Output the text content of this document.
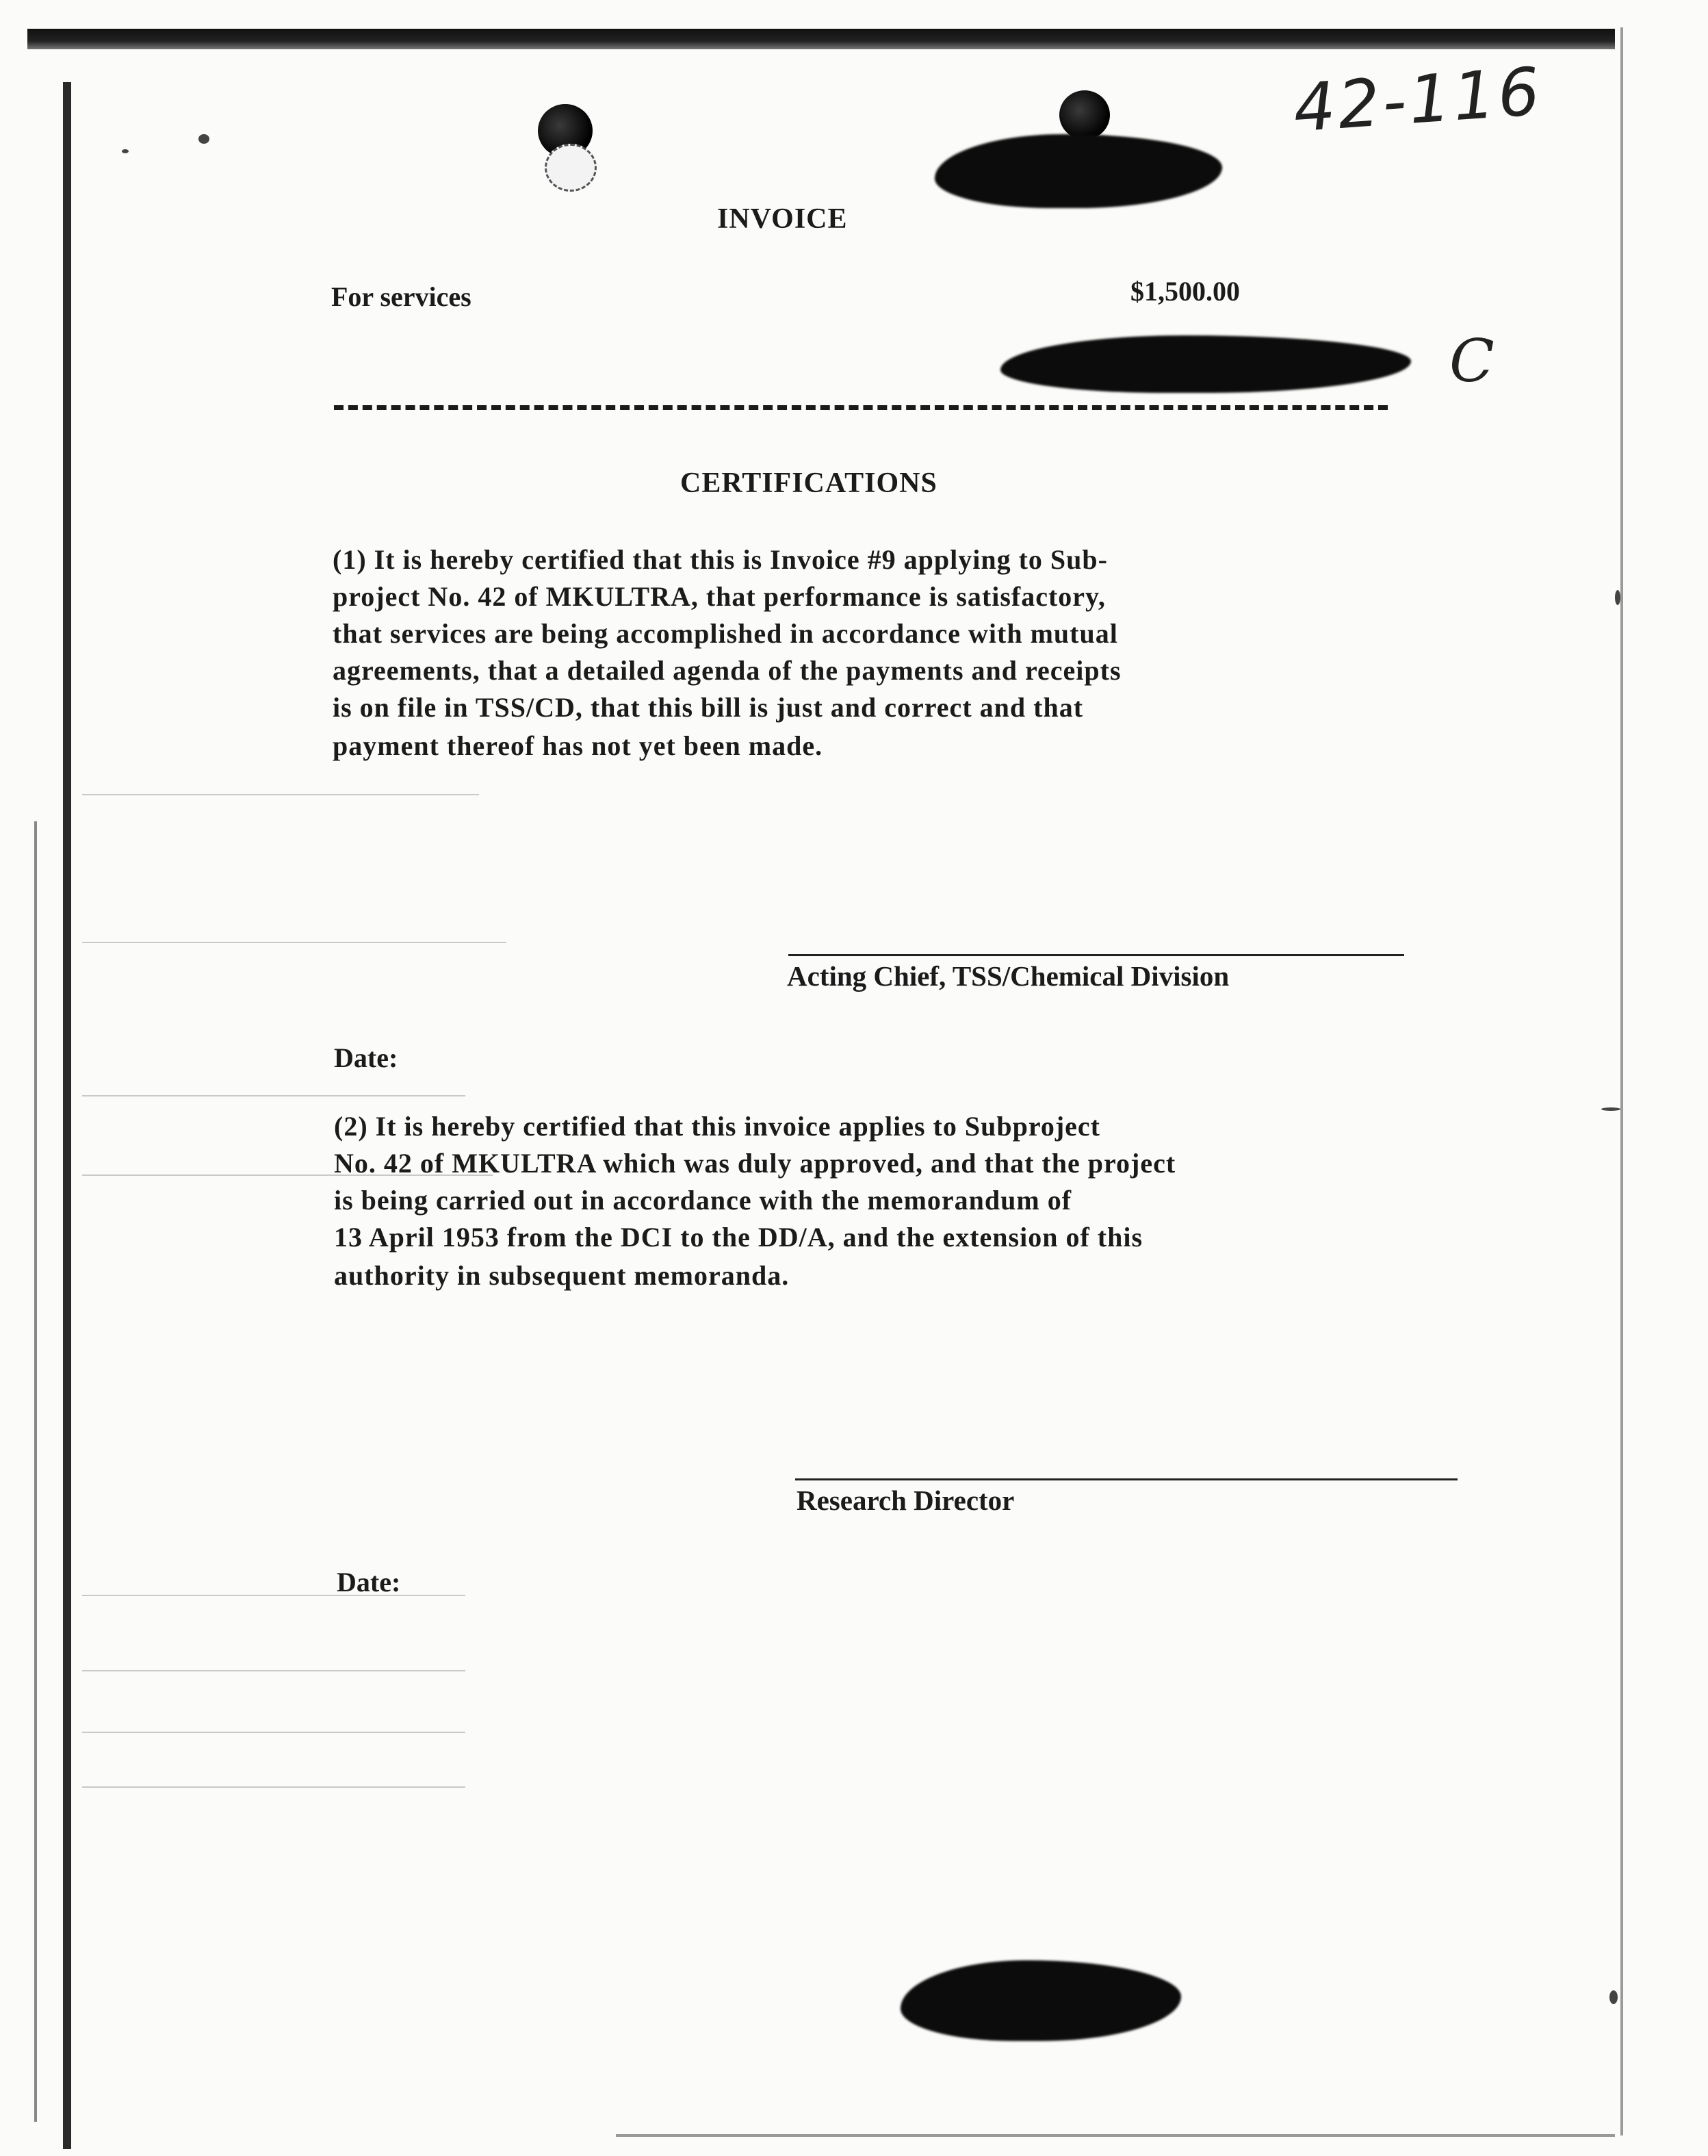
42-116
C
INVOICE
For services	$1,500.00
CERTIFICATIONS
(1) It is hereby certified that this is Invoice #9 applying to Sub-
project No. 42 of MKULTRA, that performance is satisfactory,
that services are being accomplished in accordance with mutual
agreements, that a detailed agenda of the payments and receipts
is on file in TSS/CD, that this bill is just and correct and that
payment thereof has not yet been made.
Acting Chief, TSS/Chemical Division
Date:
(2) It is hereby certified that this invoice applies to Subproject
No. 42 of MKULTRA which was duly approved, and that the project
is being carried out in accordance with the memorandum of
13 April 1953 from the DCI to the DD/A, and the extension of this
authority in subsequent memoranda.
Research Director
Date:
